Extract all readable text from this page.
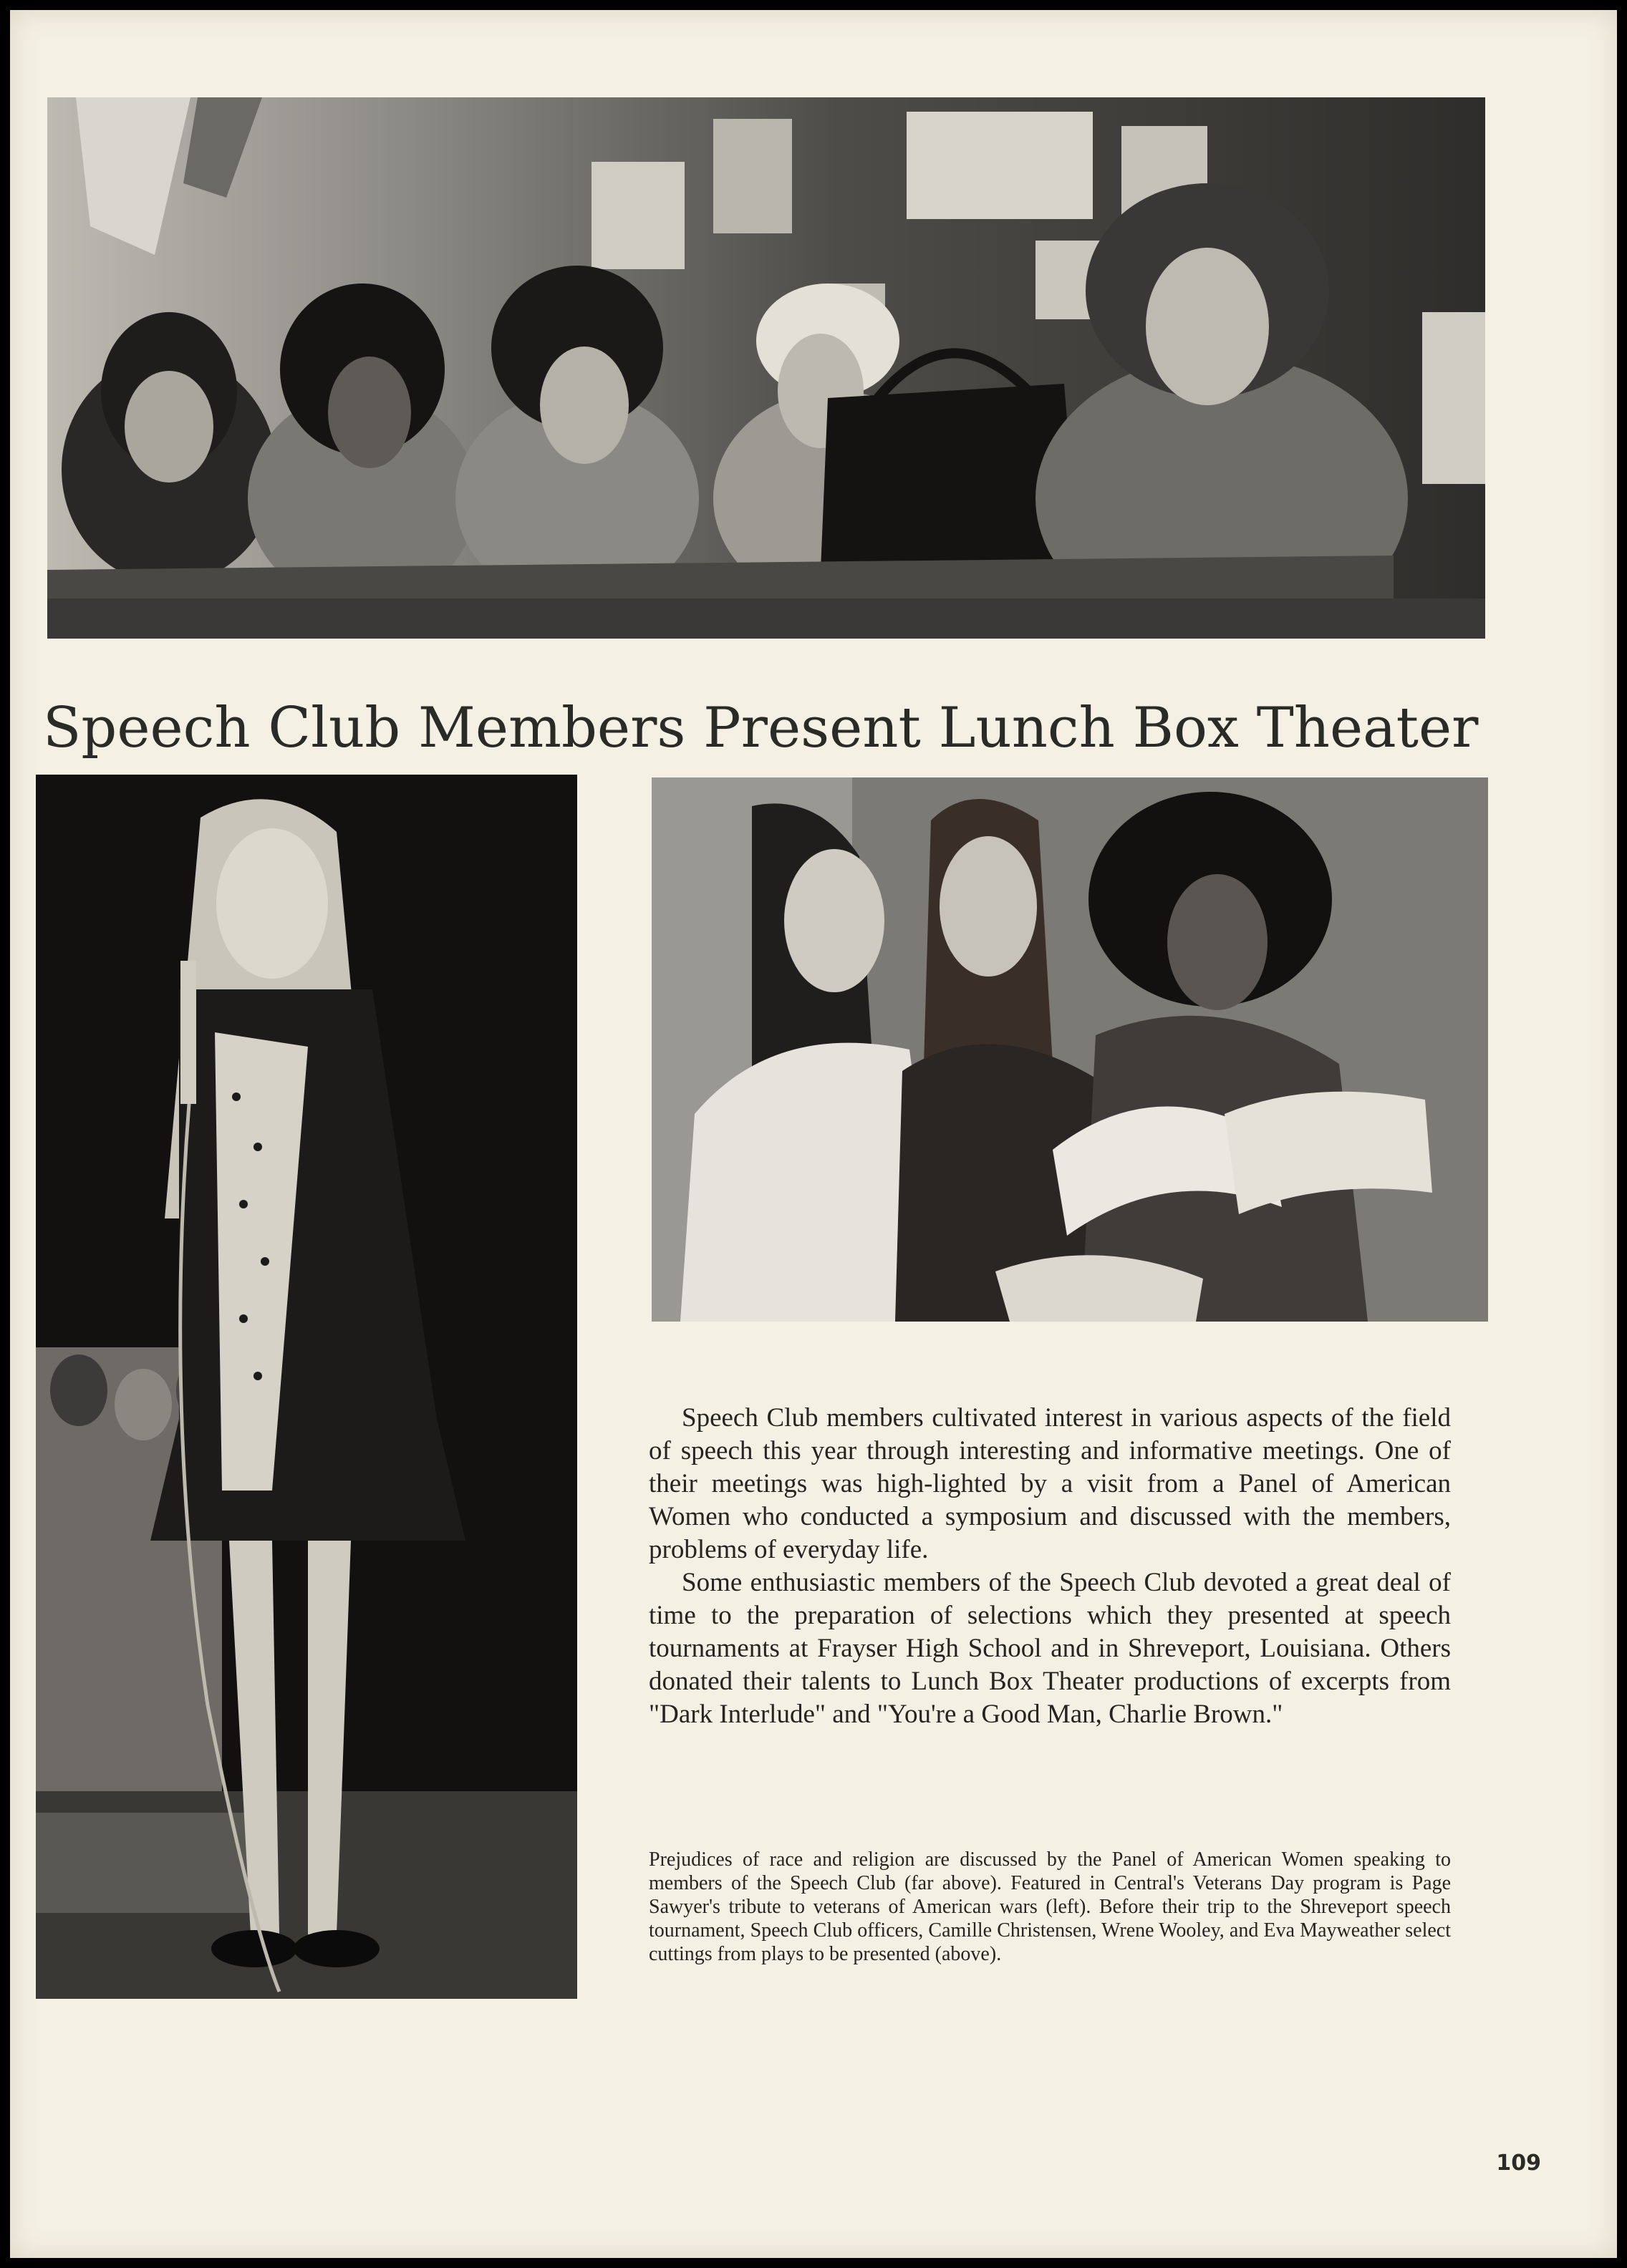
Speech Club Members Present Lunch Box Theater

Speech Club members cultivated interest in various aspects of the field of speech this year through interesting and informative meetings. One of their meetings was high-lighted by a visit from a Panel of American Women who conducted a symposium and discussed with the members, problems of everyday life.

Some enthusiastic members of the Speech Club devoted a great deal of time to the preparation of selections which they presented at speech tournaments at Frayser High School and in Shreveport, Louisiana. Others donated their talents to Lunch Box Theater productions of excerpts from "Dark Interlude" and "You're a Good Man, Charlie Brown."

Prejudices of race and religion are discussed by the Panel of American Women speaking to members of the Speech Club (far above). Featured in Central's Veterans Day program is Page Sawyer's tribute to veterans of American wars (left). Before their trip to the Shreveport speech tournament, Speech Club officers, Camille Christensen, Wrene Wooley, and Eva Mayweather select cuttings from plays to be presented (above).

109
